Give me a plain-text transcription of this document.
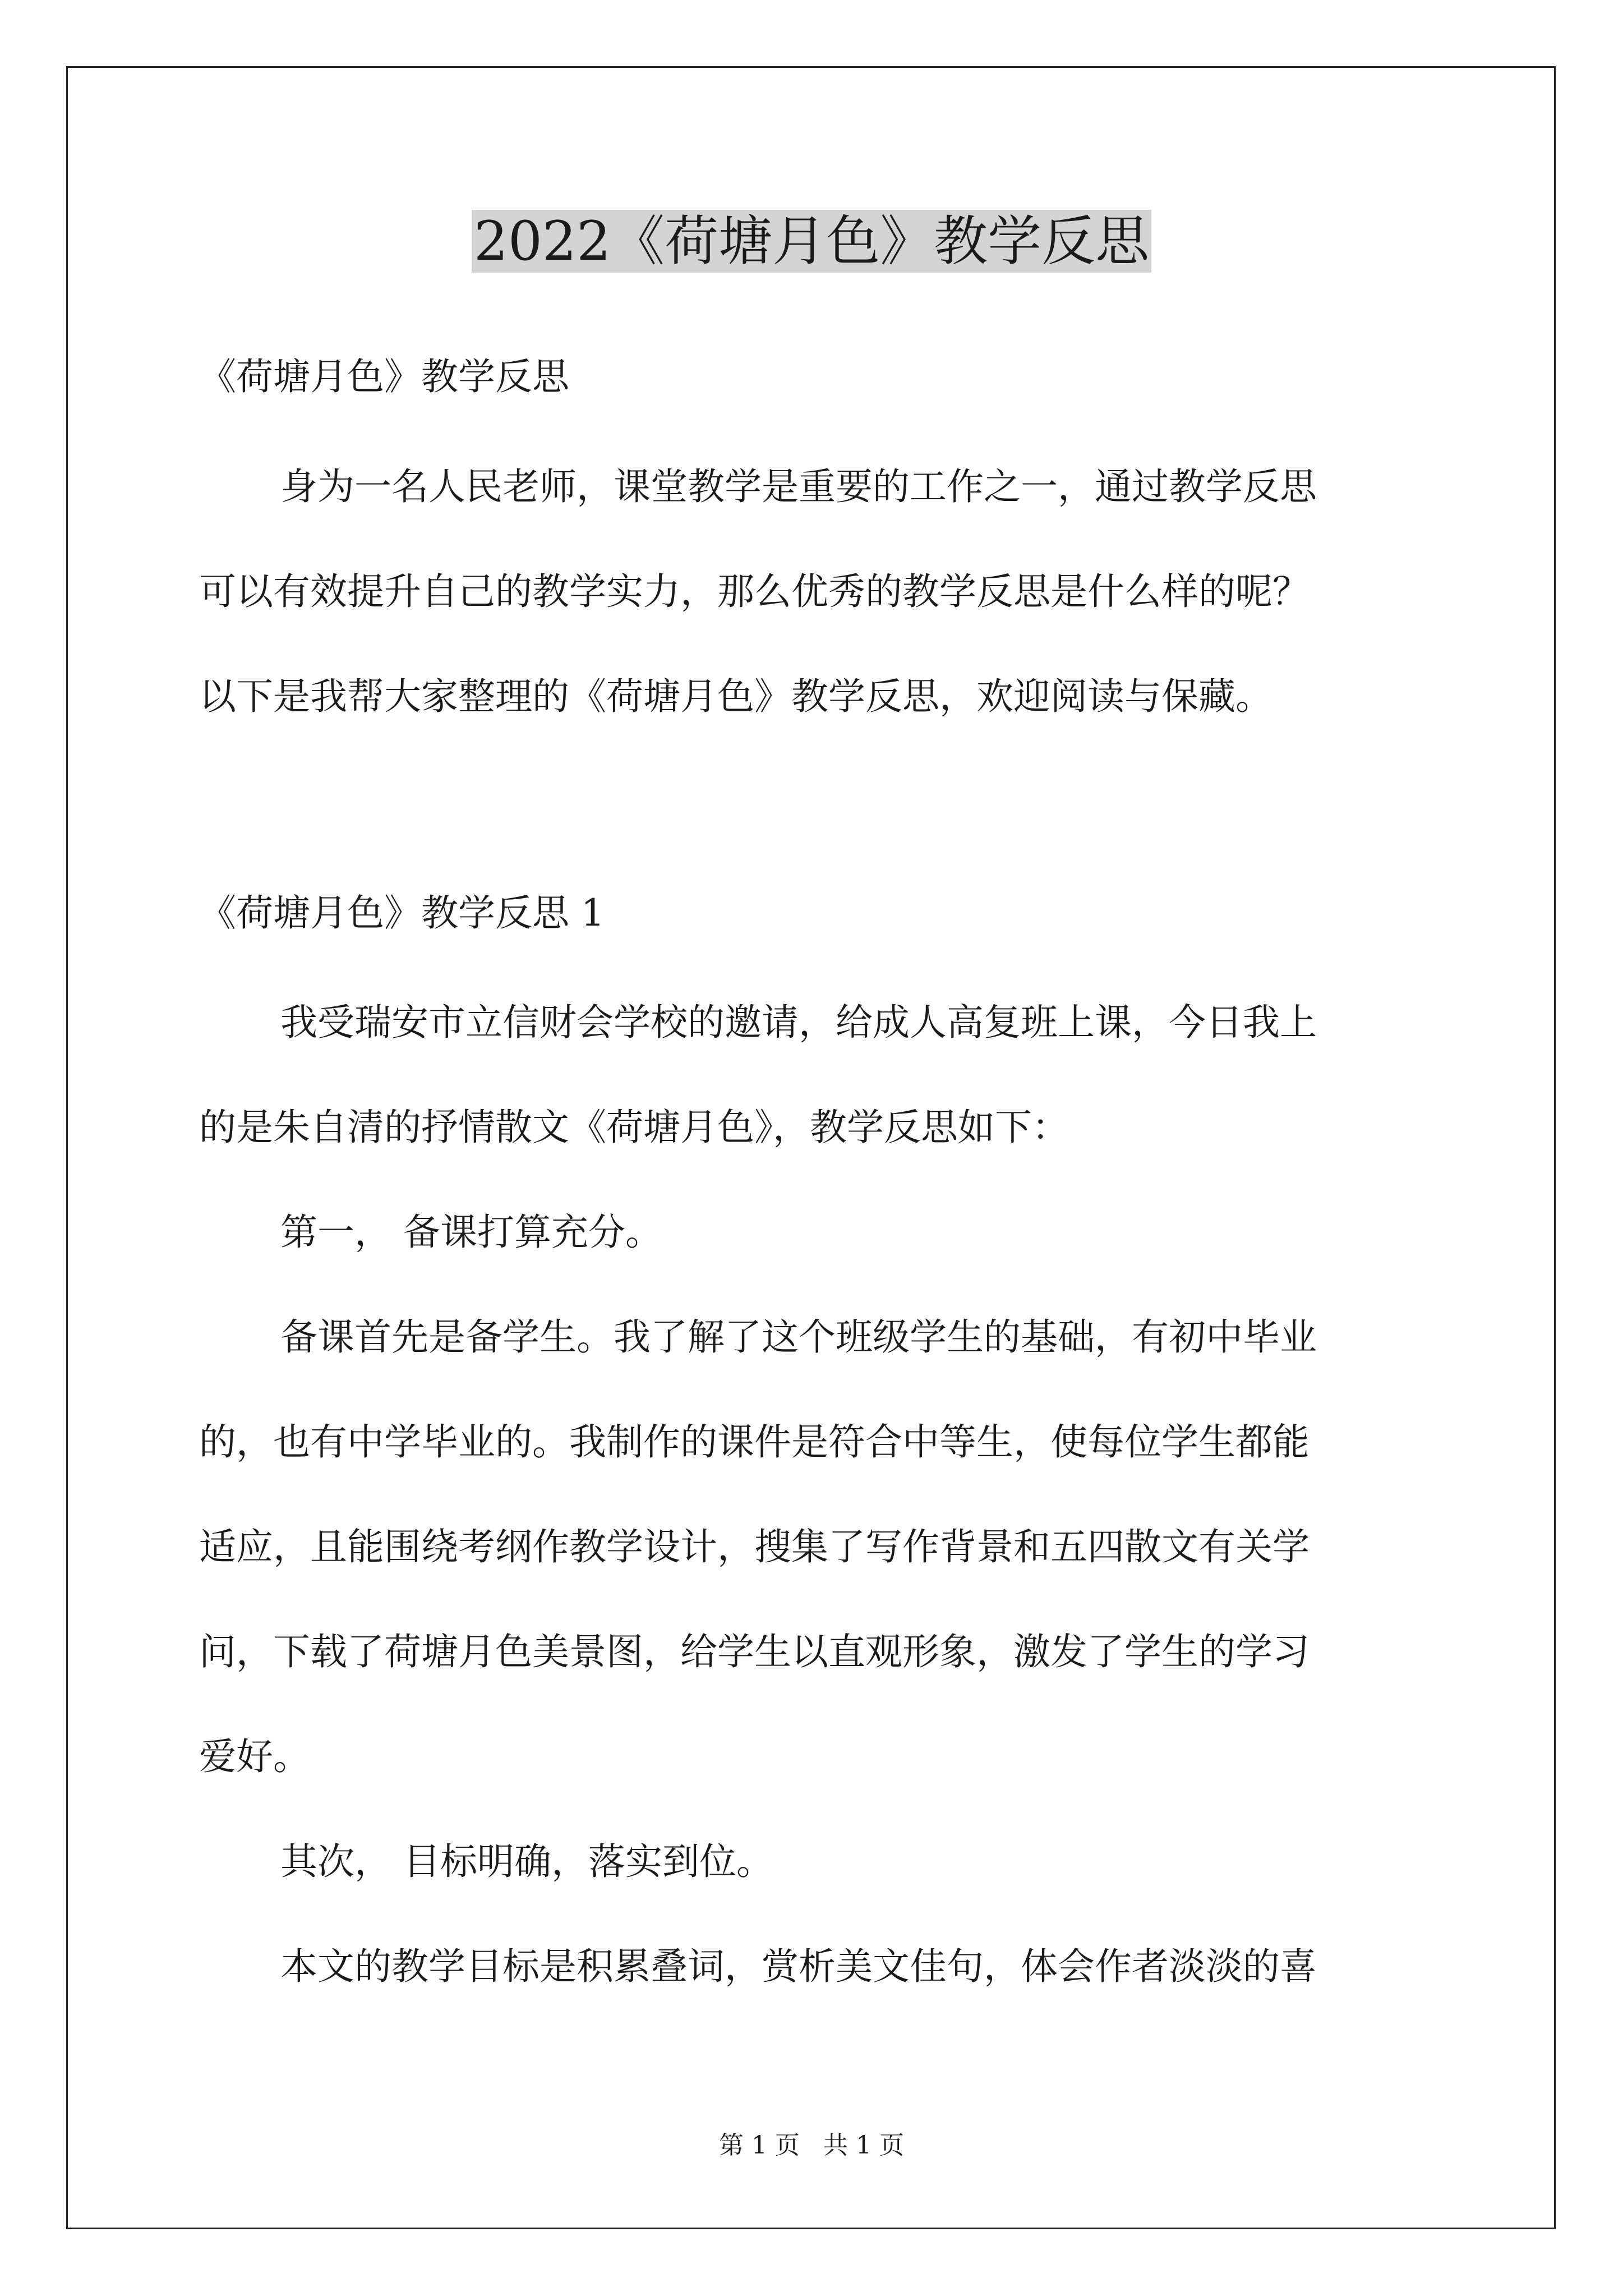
2022《荷塘月色》教学反思
《荷塘月色》教学反思
身为一名人民老师，课堂教学是重要的工作之一，通过教学反思
可以有效提升自己的教学实力，那么优秀的教学反思是什么样的呢？
以下是我帮大家整理的《荷塘月色》教学反思，欢迎阅读与保藏。
《荷塘月色》教学反思 1
我受瑞安市立信财会学校的邀请，给成人高复班上课，今日我上
的是朱自清的抒情散文《荷塘月色》，教学反思如下：
第一， 备课打算充分。
备课首先是备学生。我了解了这个班级学生的基础，有初中毕业
的，也有中学毕业的。我制作的课件是符合中等生，使每位学生都能
适应，且能围绕考纲作教学设计，搜集了写作背景和五四散文有关学
问，下载了荷塘月色美景图，给学生以直观形象，激发了学生的学习
爱好。
其次， 目标明确，落实到位。
本文的教学目标是积累叠词，赏析美文佳句，体会作者淡淡的喜
第 1 页 共 1 页
